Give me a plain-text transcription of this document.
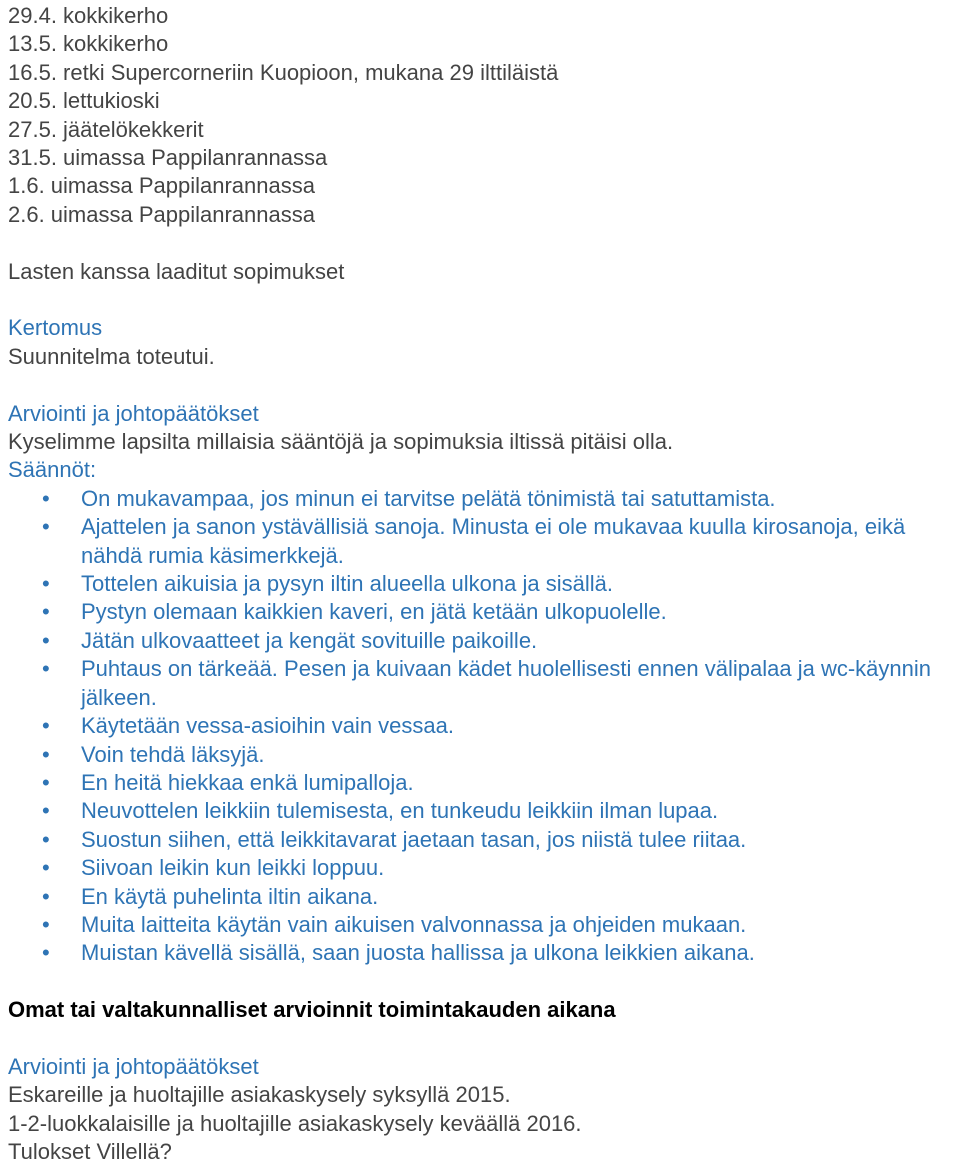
29.4. kokkikerho

13.5. kokkikerho

16.5. retki Supercorneriin Kuopioon, mukana 29 ilttiläistä

20.5. lettukioski

27.5. jäätelökekkerit

31.5. uimassa Pappilanrannassa

1.6. uimassa Pappilanrannassa

2.6. uimassa Pappilanrannassa

Lasten kanssa laaditut sopimukset

Kertomus

Suunnitelma toteutui.

Arviointi ja johtopäätökset

Kyselimme lapsilta millaisia sääntöjä ja sopimuksia iltissä pitäisi olla.

Säännöt:

•	On mukavampaa, jos minun ei tarvitse pelätä tönimistä tai satuttamista.
•	Ajattelen ja sanon ystävällisiä sanoja. Minusta ei ole mukavaa kuulla kirosanoja, eikä nähdä rumia käsimerkkejä.
•	Tottelen aikuisia ja pysyn iltin alueella ulkona ja sisällä.
•	Pystyn olemaan kaikkien kaveri, en jätä ketään ulkopuolelle.
•	Jätän ulkovaatteet ja kengät sovituille paikoille.
•	Puhtaus on tärkeää. Pesen ja kuivaan kädet huolellisesti ennen välipalaa ja wc-käynnin jälkeen.
•	Käytetään vessa-asioihin vain vessaa.
•	Voin tehdä läksyjä.
•	En heitä hiekkaa enkä lumipalloja.
•	Neuvottelen leikkiin tulemisesta, en tunkeudu leikkiin ilman lupaa.
•	Suostun siihen, että leikkitavarat jaetaan tasan, jos niistä tulee riitaa.
•	Siivoan leikin kun leikki loppuu.
•	En käytä puhelinta iltin aikana.
•	Muita laitteita käytän vain aikuisen valvonnassa ja ohjeiden mukaan.
•	Muistan kävellä sisällä, saan juosta hallissa ja ulkona leikkien aikana.

Omat tai valtakunnalliset arvioinnit toimintakauden aikana

Arviointi ja johtopäätökset

Eskareille ja huoltajille asiakaskysely syksyllä 2015.

1-2-luokkalaisille ja huoltajille asiakaskysely keväällä 2016.

Tulokset Villellä?
